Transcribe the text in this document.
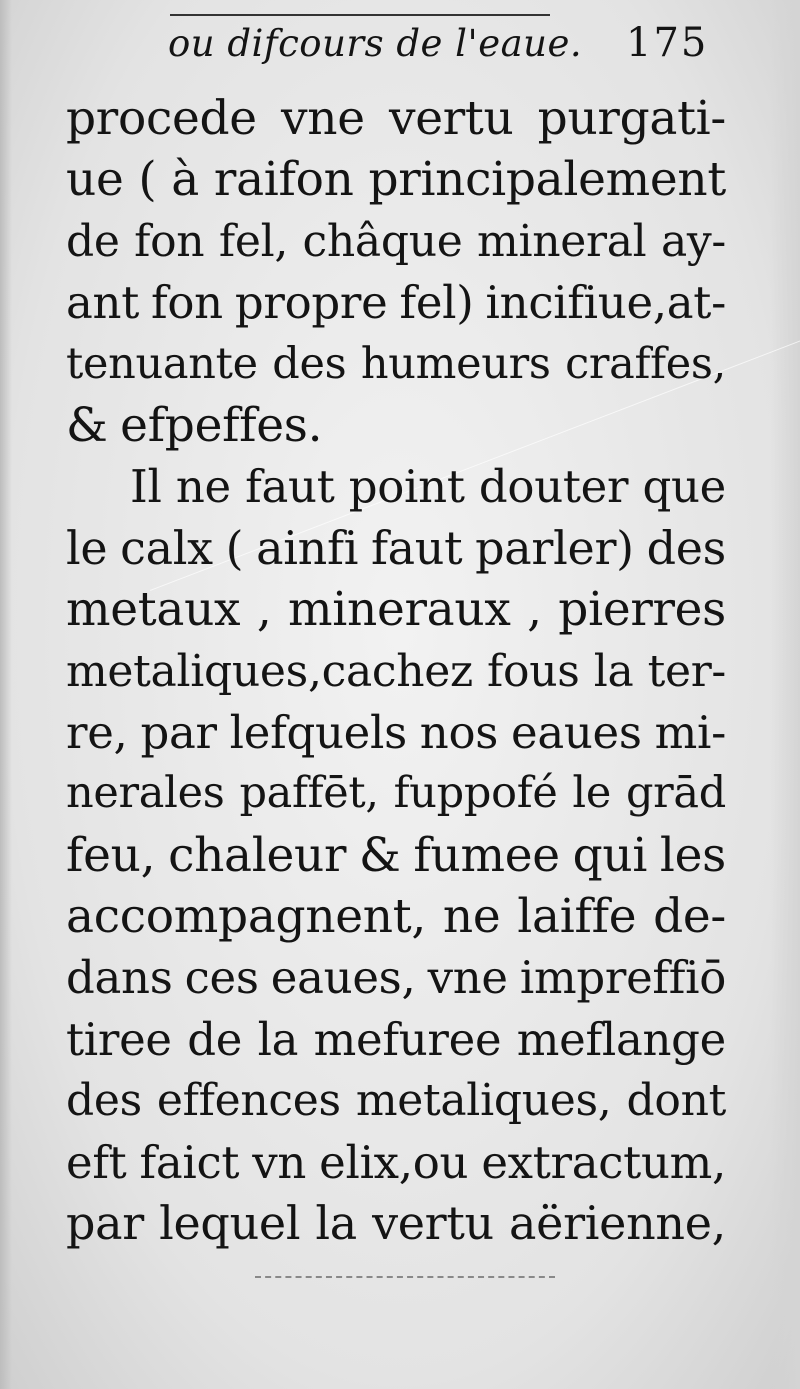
ou difcours de l'eaue. 175
procede vne vertu purgati-
ue ( à raifon principalement
de fon fel, châque mineral ay-
ant fon propre fel) incifiue,at-
tenuante des humeurs craffes,
& efpeffes.
Il ne faut point douter que
le calx ( ainfi faut parler) des
metaux , mineraux , pierres
metaliques,cachez fous la ter-
re, par lefquels nos eaues mi-
nerales paffēt, fuppofé le grād
feu, chaleur & fumee qui les
accompagnent, ne laiffe de-
dans ces eaues, vne impreffiō
tiree de la mefuree meflange
des effences metaliques, dont
eft faict vn elix,ou extractum,
par lequel la vertu aërienne,
